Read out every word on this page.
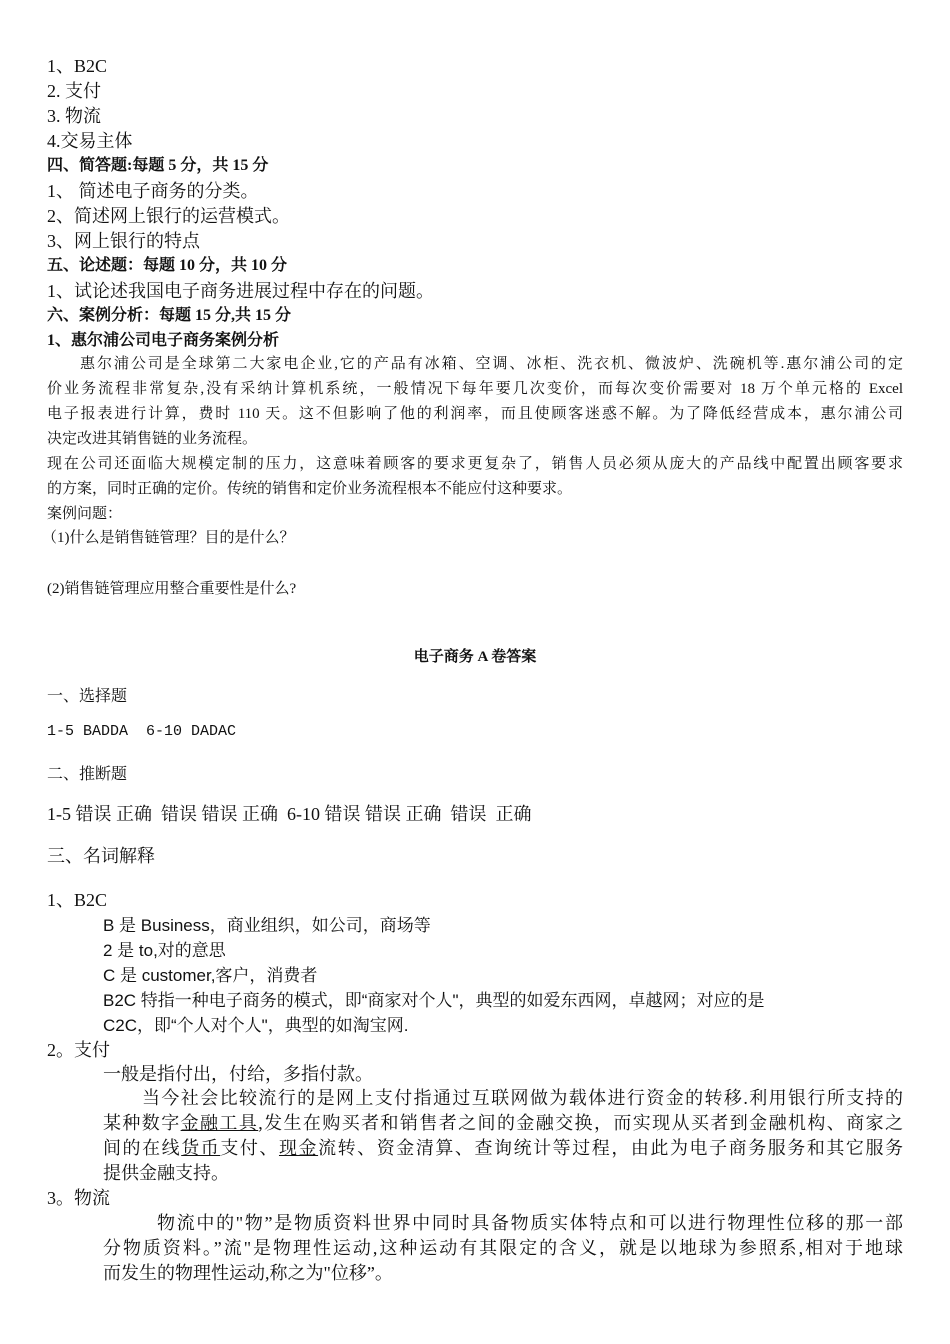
1、B2C
2. 支付
3. 物流
4.交易主体
四、简答题:每题 5 分，共 15 分
1、 简述电子商务的分类。
2、简述网上银行的运营模式。
3、网上银行的特点
五、论述题：每题 10 分，共 10 分
1、试论述我国电子商务进展过程中存在的问题。
六、案例分析：每题 15 分,共 15 分
1、惠尔浦公司电子商务案例分析
惠尔浦公司是全球第二大家电企业,它的产品有冰箱、空调、冰柜、洗衣机、微波炉、洗碗机等.惠尔浦公司的定
价业务流程非常复杂,没有采纳计算机系统，一般情况下每年要几次变价，而每次变价需要对 18 万个单元格的 Excel
电子报表进行计算，费时 110 天。这不但影响了他的利润率，而且使顾客迷惑不解。为了降低经营成本，惠尔浦公司
决定改进其销售链的业务流程。
现在公司还面临大规模定制的压力，这意味着顾客的要求更复杂了，销售人员必须从庞大的产品线中配置出顾客要求
的方案，同时正确的定价。传统的销售和定价业务流程根本不能应付这种要求。
案例问题：
（1)什么是销售链管理？目的是什么？
(2)销售链管理应用整合重要性是什么?
电子商务 A 卷答案
一、选择题
1-5 BADDA  6-10 DADAC
二、推断题
1-5 错误 正确  错误 错误 正确  6-10 错误 错误 正确  错误  正确
三、名词解释
1、B2C
B 是 Business，商业组织，如公司，商场等
2 是 to,对的意思
C 是 customer,客户，消费者
B2C 特指一种电子商务的模式，即“商家对个人"，典型的如爱东西网，卓越网；对应的是
C2C，即“个人对个人"，典型的如淘宝网.
2。支付
一般是指付出，付给，多指付款。
当今社会比较流行的是网上支付指通过互联网做为载体进行资金的转移.利用银行所支持的
某种数字金融工具,发生在购买者和销售者之间的金融交换，而实现从买者到金融机构、商家之
间的在线货币支付、现金流转、资金清算、查询统计等过程，由此为电子商务服务和其它服务
提供金融支持。
3。物流
物流中的"物”是物质资料世界中同时具备物质实体特点和可以进行物理性位移的那一部
分物质资料。”流"是物理性运动,这种运动有其限定的含义，就是以地球为参照系,相对于地球
而发生的物理性运动,称之为"位移”。
